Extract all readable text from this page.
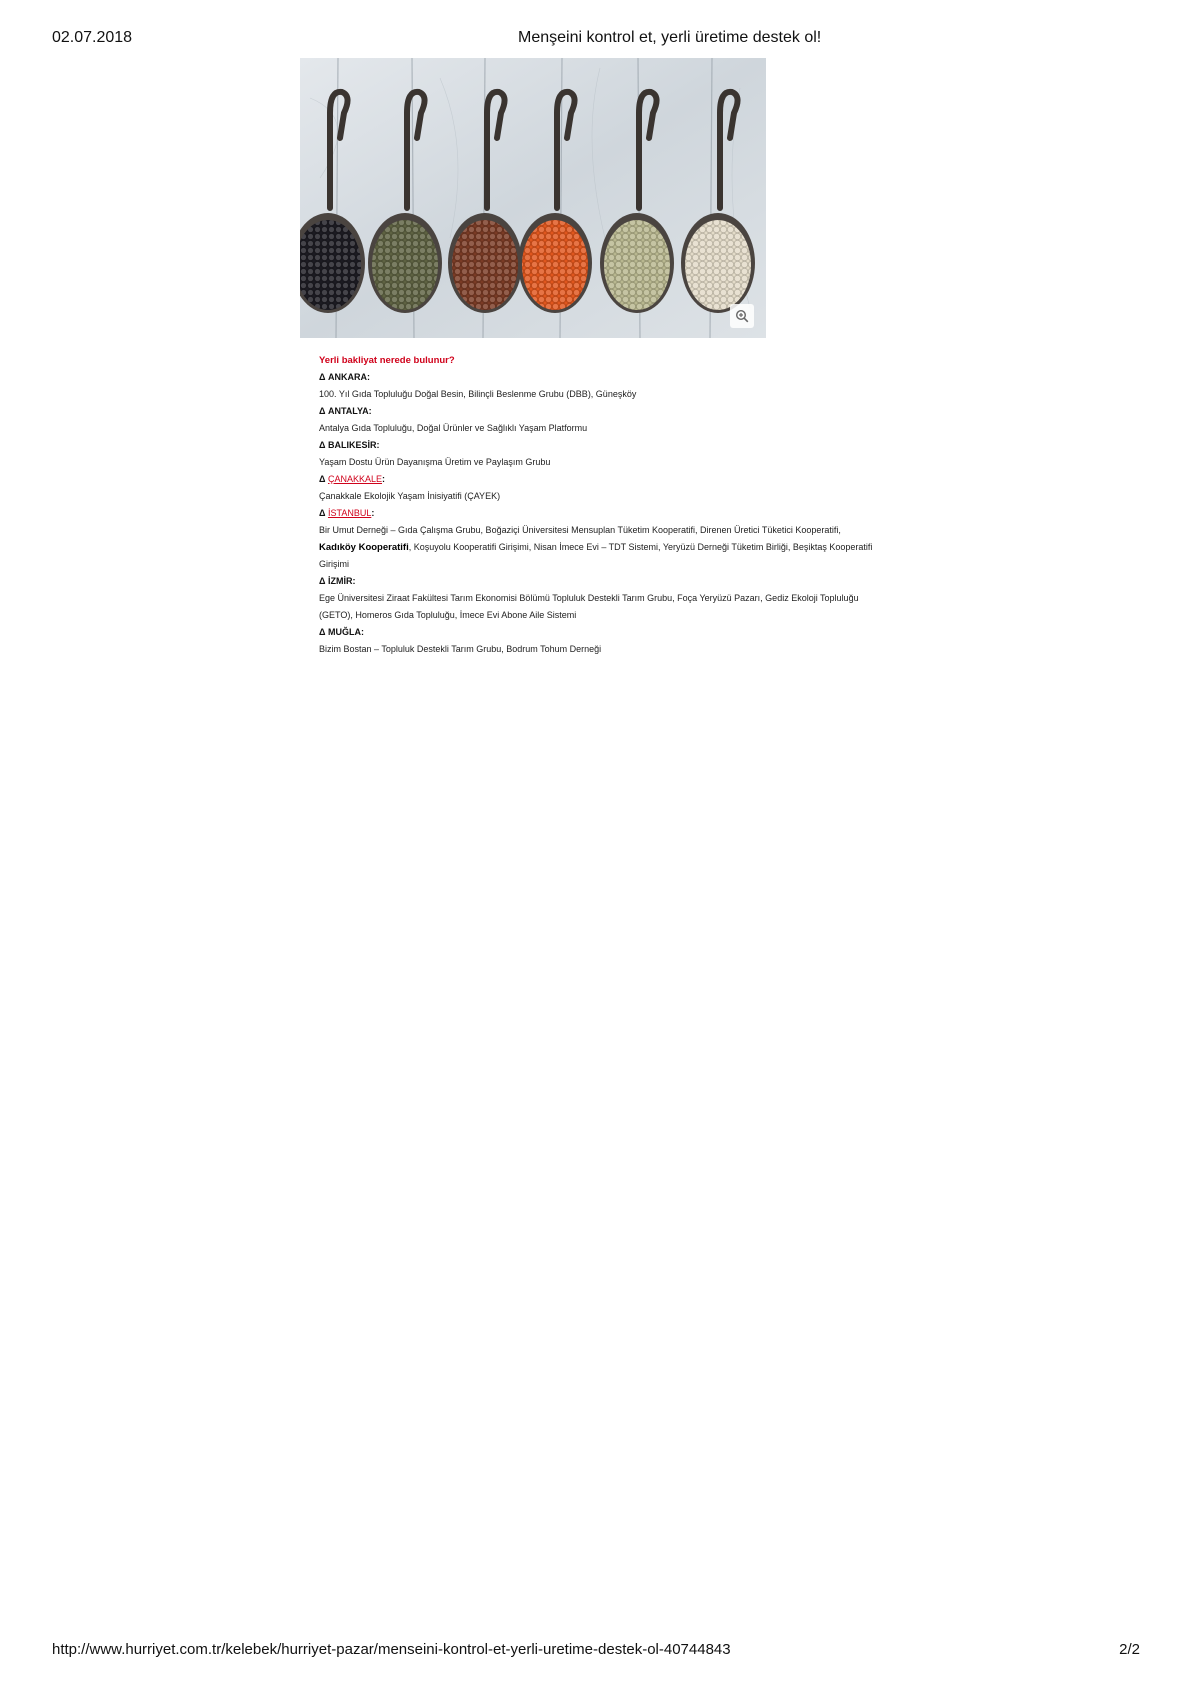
02.07.2018	Menşeini kontrol et, yerli üretime destek ol!
Yerli bakliyat nerede bulunur?
Δ ANKARA:
100. Yıl Gıda Topluluğu Doğal Besin, Bilinçli Beslenme Grubu (DBB), Güneşköy
Δ ANTALYA:
Antalya Gıda Topluluğu, Doğal Ürünler ve Sağlıklı Yaşam Platformu
Δ BALIKESİR:
Yaşam Dostu Ürün Dayanışma Üretim ve Paylaşım Grubu
Δ ÇANAKKALE:
Çanakkale Ekolojik Yaşam İnisiyatifi (ÇAYEK)
Δ İSTANBUL:
Bir Umut Derneği – Gıda Çalışma Grubu, Boğaziçi Üniversitesi Mensuplan Tüketim Kooperatifi, Direnen Üretici Tüketici Kooperatifi, Kadıköy Kooperatifi, Koşuyolu Kooperatifi Girişimi, Nisan İmece Evi – TDT Sistemi, Yeryüzü Derneği Tüketim Birliği, Beşiktaş Kooperatifi Girişimi
Δ İZMİR:
Ege Üniversitesi Ziraat Fakültesi Tarım Ekonomisi Bölümü Topluluk Destekli Tarım Grubu, Foça Yeryüzü Pazarı, Gediz Ekoloji Topluluğu (GETO), Homeros Gıda Topluluğu, İmece Evi Abone Aile Sistemi
Δ MUĞLA:
Bizim Bostan – Topluluk Destekli Tarım Grubu, Bodrum Tohum Derneği
http://www.hurriyet.com.tr/kelebek/hurriyet-pazar/menseini-kontrol-et-yerli-uretime-destek-ol-40744843	2/2
